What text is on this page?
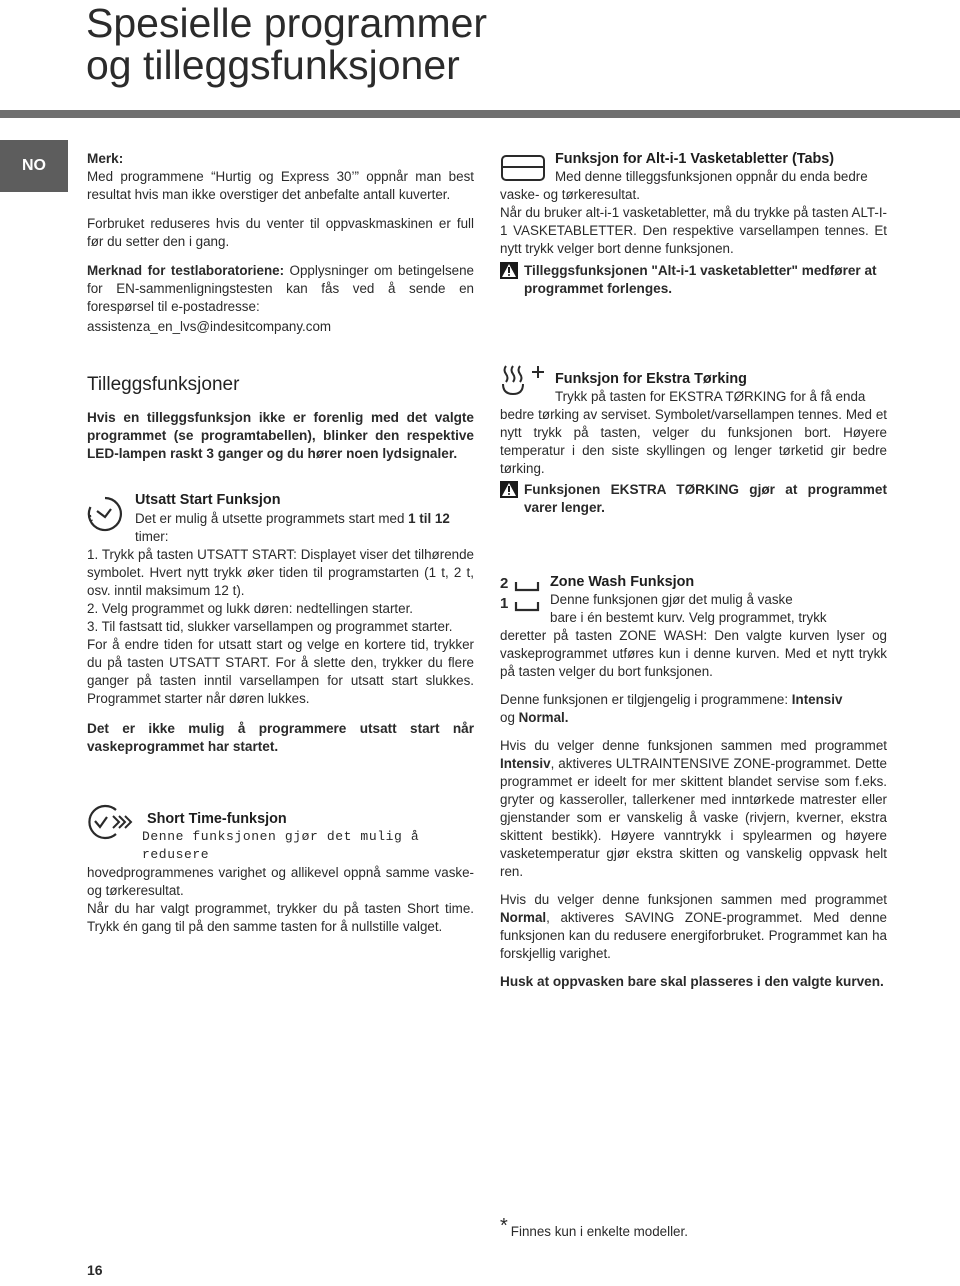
Spesielle programmer
og tilleggsfunksjoner
NO	Merk:

Med programmene “Hurtig og Express 30’” oppnår man best resultat hvis man ikke overstiger det anbefalte antall kuverter.

Forbruket reduseres hvis du venter til oppvaskmaskinen er full før du setter den i gang.

Merknad for testlaboratoriene: Opplysninger om betingelsene for EN-sammenligningstesten kan fås ved å sende en forespørsel til e-postadresse:

assistenza_en_lvs@indesitcompany.com

Tilleggsfunksjoner

Hvis en tilleggsfunksjon ikke er forenlig med det valgte programmet (se programtabellen), blinker den respektive LED-lampen raskt 3 ganger og du hører noen lydsignaler.

Utsatt Start Funksjon

Det er mulig å utsette programmets start med 1 til 12

timer:

1. Trykk på tasten UTSATT START: Displayet viser det tilhørende symbolet. Hvert nytt trykk øker tiden til programstarten (1 t, 2 t, osv. inntil maksimum 12 t).

2. Velg programmet og lukk døren: nedtellingen starter.

3. Til fastsatt tid, slukker varsellampen og programmet starter.

For å endre tiden for utsatt start og velge en kortere tid, trykker du på tasten UTSATT START. For å slette den, trykker du flere ganger på tasten inntil varsellampen for utsatt start slukkes. Programmet starter når døren lukkes.

Det er ikke mulig å programmere utsatt start når vaskeprogrammet har startet.

Short Time-funksjon

Denne funksjonen gjør det mulig å redusere

hovedprogrammenes varighet og allikevel oppnå samme vaske- og tørkeresultat.

Når du har valgt programmet, trykker du på tasten Short time. Trykk én gang til på den samme tasten for å nullstille valget.

Funksjon for Alt-i-1 Vasketabletter (Tabs)

Med denne tilleggsfunksjonen oppnår du enda bedre

vaske- og tørkeresultat.

Når du bruker alt-i-1 vasketabletter, må du trykke på tasten ALT-I-1 VASKETABLETTER. Den respektive varsellampen tennes. Et nytt trykk velger bort denne funksjonen.

Tilleggsfunksjonen "Alt-i-1 vasketabletter" medfører at programmet forlenges.

Funksjon for Ekstra Tørking

Trykk på tasten for EKSTRA TØRKING for å få enda

bedre tørking av serviset. Symbolet/varsellampen tennes. Med et nytt trykk på tasten, velger du funksjonen bort. Høyere temperatur i den siste skyllingen og lenger tørketid gir bedre tørking.

Funksjonen EKSTRA TØRKING gjør at programmet varer lenger.

2
1

Zone Wash Funksjon

Denne funksjonen gjør det mulig å vaske

bare i én bestemt kurv. Velg programmet, trykk

deretter på tasten ZONE WASH: Den valgte kurven lyser og vaskeprogrammet utføres kun i denne kurven. Med et nytt trykk på tasten velger du bort funksjonen.

Denne funksjonen er tilgjengelig i programmene: Intensiv
og Normal.

Hvis du velger denne funksjonen sammen med programmet Intensiv, aktiveres ULTRAINTENSIVE ZONE-programmet. Dette programmet er ideelt for mer skittent blandet servise som f.eks. gryter og kasseroller, tallerkener med inntørkede matrester eller gjenstander som er vanskelig å vaske (rivjern, kverner, ekstra skittent bestikk). Høyere vanntrykk i spylearmen og høyere vasketemperatur gjør ekstra skitten og vanskelig oppvask helt ren.

Hvis du velger denne funksjonen sammen med programmet Normal, aktiveres SAVING ZONE-programmet. Med denne funksjonen kan du redusere energiforbruket. Programmet kan ha forskjellig varighet.

Husk at oppvasken bare skal plasseres i den valgte kurven.

* Finnes kun i enkelte modeller.
16
